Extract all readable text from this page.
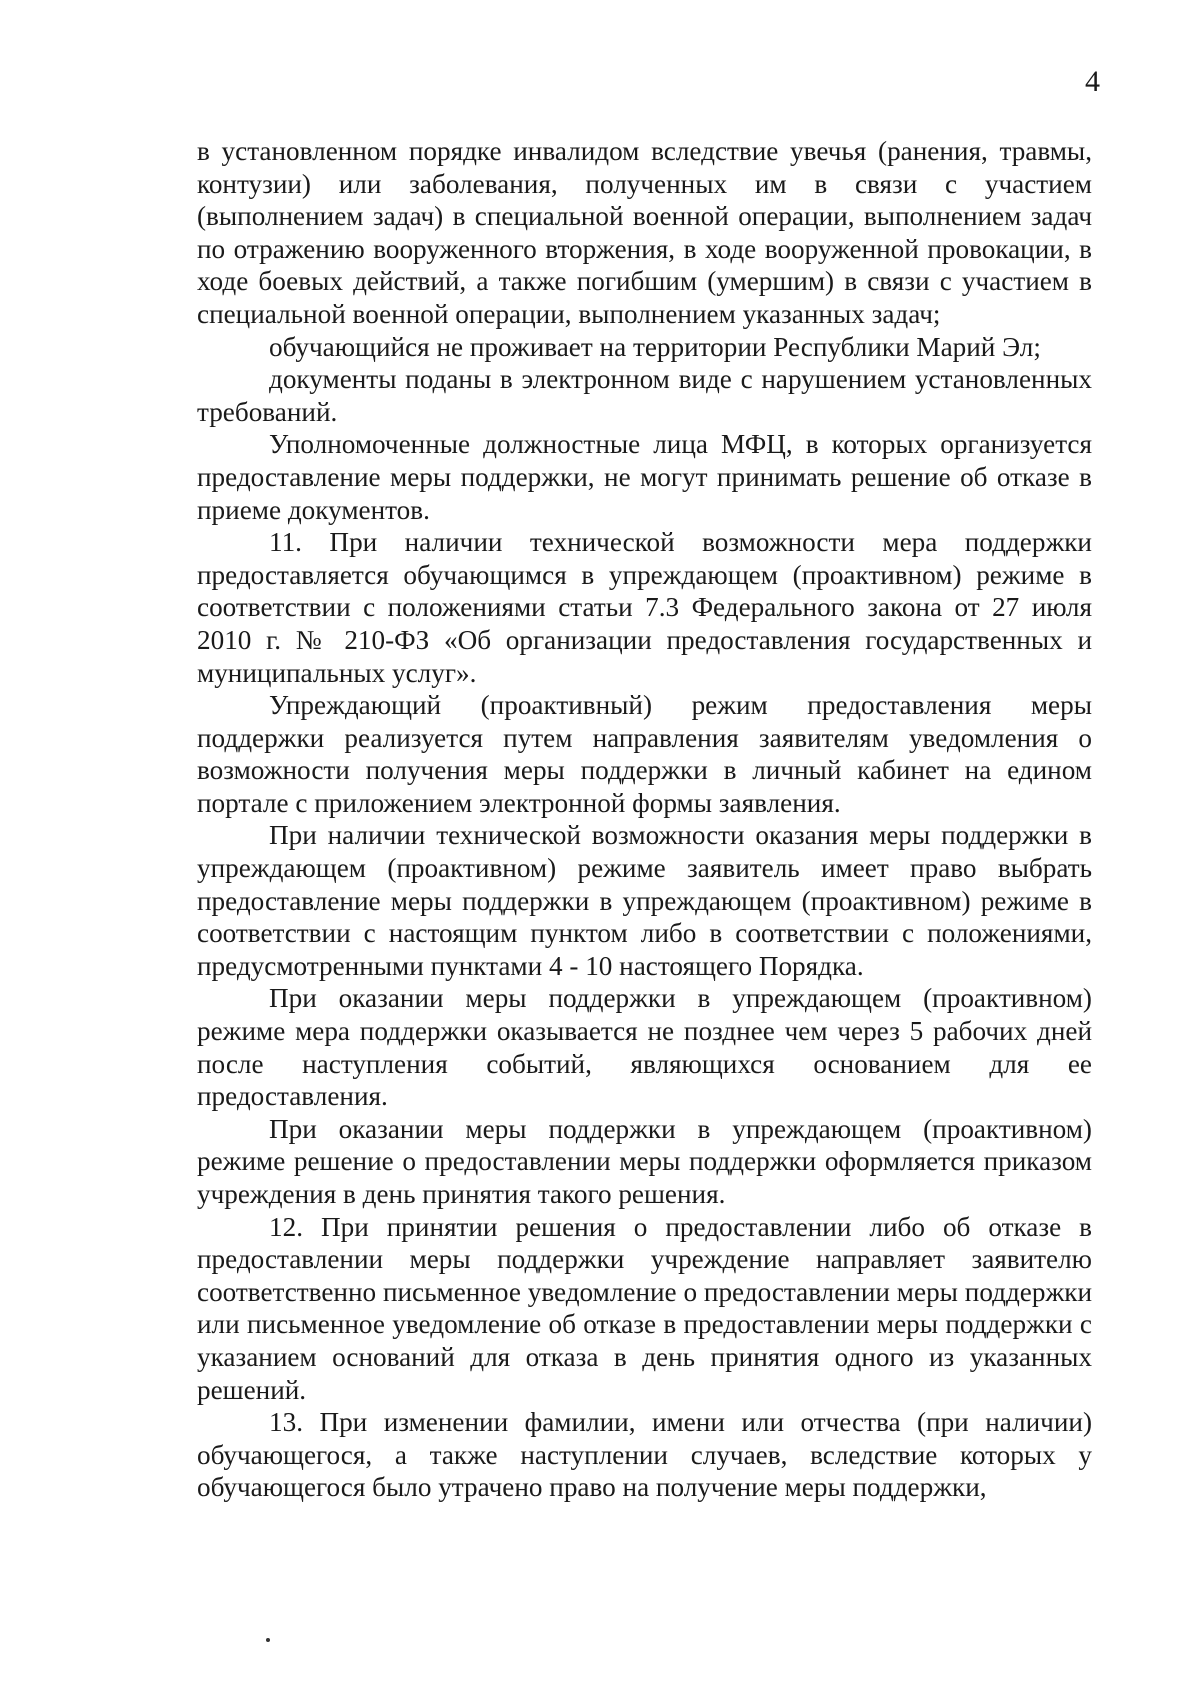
4

в установленном порядке инвалидом вследствие увечья (ранения, травмы, контузии) или заболевания, полученных им в связи с участием (выполнением задач) в специальной военной операции, выполнением задач по отражению вооруженного вторжения, в ходе вооруженной провокации, в ходе боевых действий, а также погибшим (умершим) в связи с участием в специальной военной операции, выполнением указанных задач;

обучающийся не проживает на территории Республики Марий Эл;

документы поданы в электронном виде с нарушением установленных требований.

Уполномоченные должностные лица МФЦ, в которых организуется предоставление меры поддержки, не могут принимать решение об отказе в приеме документов.

11. При наличии технической возможности мера поддержки предоставляется обучающимся в упреждающем (проактивном) режиме в соответствии с положениями статьи 7.3 Федерального закона от 27 июля 2010 г. № 210-ФЗ «Об организации предоставления государственных и муниципальных услуг».

Упреждающий (проактивный) режим предоставления меры поддержки реализуется путем направления заявителям уведомления о возможности получения меры поддержки в личный кабинет на едином портале с приложением электронной формы заявления.

При наличии технической возможности оказания меры поддержки в упреждающем (проактивном) режиме заявитель имеет право выбрать предоставление меры поддержки в упреждающем (проактивном) режиме в соответствии с настоящим пунктом либо в соответствии с положениями, предусмотренными пунктами 4 - 10 настоящего Порядка.

При оказании меры поддержки в упреждающем (проактивном) режиме мера поддержки оказывается не позднее чем через 5 рабочих дней после наступления событий, являющихся основанием для ее предоставления.

При оказании меры поддержки в упреждающем (проактивном) режиме решение о предоставлении меры поддержки оформляется приказом учреждения в день принятия такого решения.

12. При принятии решения о предоставлении либо об отказе в предоставлении меры поддержки учреждение направляет заявителю соответственно письменное уведомление о предоставлении меры поддержки или письменное уведомление об отказе в предоставлении меры поддержки с указанием оснований для отказа в день принятия одного из указанных решений.

13. При изменении фамилии, имени или отчества (при наличии) обучающегося, а также наступлении случаев, вследствие которых у обучающегося было утрачено право на получение меры поддержки,
